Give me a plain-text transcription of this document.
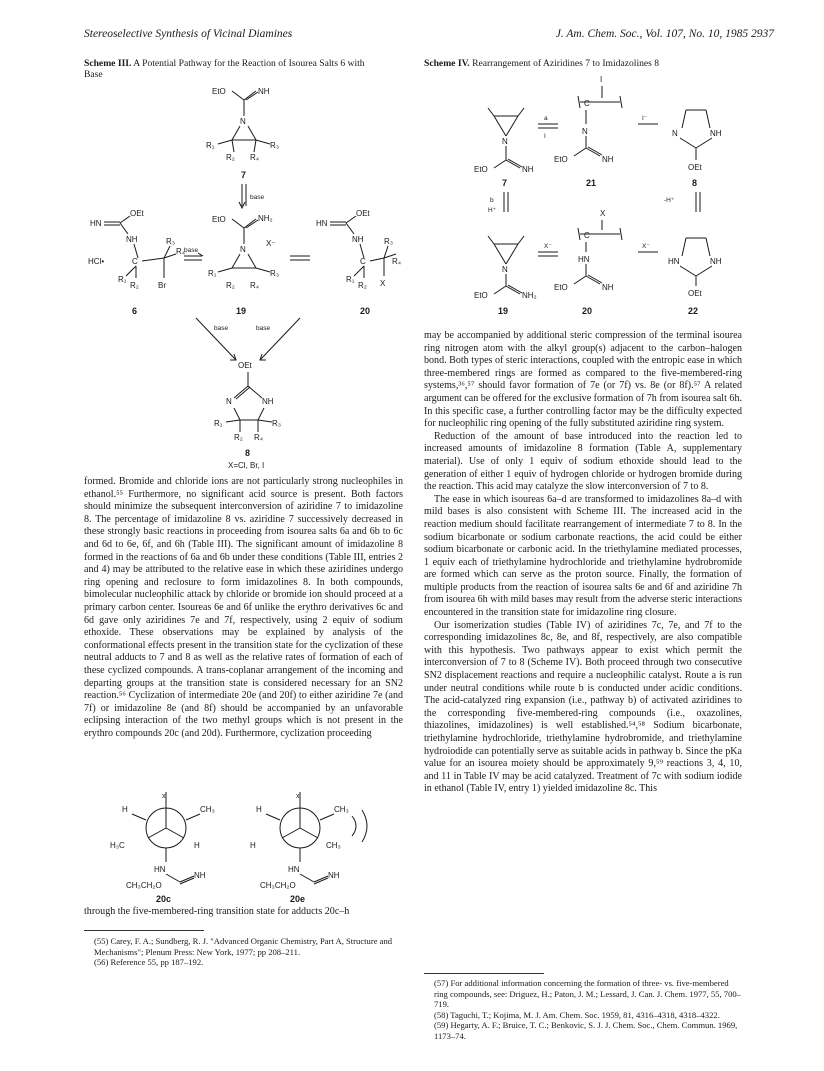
Stereoselective Synthesis of Vicinal Diamines	J. Am. Chem. Soc., Vol. 107, No. 10, 1985 2937
Scheme III. A Potential Pathway for the Reaction of Isourea Salts 6 with Base
EtO	NH
N
R₁
R₂
R₃
R₄
7
base
HN
OEt
NH
HCl•	C
R₃
R₄
Br
R₁
R₂
6
base
EtO	NH₂
N
R₁
R₂
R₃
R₄
X⁻
19
HN
OEt
NH
C
R₃
R₄
X
R₁
R₂
20
base	base
OEt
N	NH
R₁
R₂
R₃
R₄
8
X=Cl, Br, I

formed. Bromide and chloride ions are not particularly strong nucleophiles in ethanol.⁵⁵ Furthermore, no significant acid source is present. Both factors should minimize the subsequent interconversion of aziridine 7 to imidazoline 8. The percentage of imidazoline 8 vs. aziridine 7 successively decreased in these strongly basic reactions in proceeding from isourea salts 6a and 6b to 6c and 6d to 6e, 6f, and 6h (Table III). The significant amount of imidazoline 8 formed in the reactions of 6a and 6b under these conditions (Table III, entries 2 and 4) may be attributed to the relative ease in which these aziridines undergo ring opening and reclosure to form imidazolines 8. In both compounds, bimolecular nucleophilic attack by chloride or bromide ion should proceed at a primary carbon center. Isoureas 6e and 6f unlike the erythro derivatives 6c and 6d gave only aziridines 7e and 7f, respectively, using 2 equiv of sodium ethoxide. These observations may be explained by analysis of the conformational effects present in the transition state for the cyclization of these neutral adducts to 7 and 8 as well as the relative rates of formation of each of these cyclized compounds. A trans-coplanar arrangement of the incoming and departing groups at the transition state is considered necessary for an SN2 reaction.⁵⁶ Cyclization of intermediate 20e (and 20f) to either aziridine 7e (and 7f) or imidazoline 8e (and 8f) should be accompanied by an unfavorable eclipsing interaction of the two methyl groups which is not present in the erythro compounds 20c (and 20d). Furthermore, cyclization proceeding

x
H	CH₃
H₃C	H
HN
NH
CH₃CH₂O
20c
x
H	CH₃
H	CH₃
HN
NH
CH₃CH₂O
20e

through the five-membered-ring transition state for adducts 20c–h

(55) Carey, F. A.; Sundberg, R. J. "Advanced Organic Chemistry, Part A, Structure and Mechanisms"; Plenum Press: New York, 1977; pp 208–211.
(56) Reference 55, pp 187–192.
Scheme IV. Rearrangement of Aziridines 7 to Imidazolines 8
N
EtO	NH
7
a
I
I
C
N
EtO	NH
21
I⁻
N	NH
OEt
8
b
H⁺
-H⁺
N
EtO	NH₂
19
X⁻
X
C
HN
EtO	NH
20
X⁻
HN	NH
OEt
22

may be accompanied by additional steric compression of the terminal isourea ring nitrogen atom with the alkyl group(s) adjacent to the carbon–halogen bond. Both types of steric interactions, coupled with the entropic ease in which three-membered rings are formed as compared to the five-membered-ring systems,³⁶,⁵⁷ should favor formation of 7e (or 7f) vs. 8e (or 8f).⁵⁷ A related argument can be offered for the exclusive formation of 7h from isourea salt 6h. In this specific case, a further controlling factor may be the difficulty expected for nucleophilic ring opening of the fully substituted aziridine ring system.

Reduction of the amount of base introduced into the reaction led to increased amounts of imidazoline 8 formation (Table A, supplementary material). Use of only 1 equiv of sodium ethoxide should lead to the generation of either 1 equiv of hydrogen chloride or hydrogen bromide during the reaction. This acid may catalyze the slow interconversion of 7 to 8.

The ease in which isoureas 6a–d are transformed to imidazolines 8a–d with mild bases is also consistent with Scheme III. The increased acid in the reaction medium should facilitate rearrangement of intermediate 7 to 8. In the sodium bicarbonate or sodium carbonate reactions, the acid could be either sodium bicarbonate or carbonic acid. In the triethylamine mediated processes, 1 equiv each of triethylamine hydrochloride and triethylamine hydrobromide are formed which can serve as the proton source. Finally, the formation of multiple products from the reaction of isourea salts 6e and 6f and aziridine 7h from isourea 6h with mild bases may result from the adverse steric interactions encountered in the transition state for imidazoline ring closure.

Our isomerization studies (Table IV) of aziridines 7c, 7e, and 7f to the corresponding imidazolines 8c, 8e, and 8f, respectively, are also compatible with this hypothesis. Two pathways appear to exist which permit the interconversion of 7 to 8 (Scheme IV). Both proceed through two consecutive SN2 displacement reactions and require a nucleophilic catalyst. Route a is run under neutral conditions while route b is conducted under acidic conditions. The acid-catalyzed ring expansion (i.e., pathway b) of activated aziridines to the corresponding five-membered-ring compounds (i.e., oxazolines, thiazolines, imidazolines) is well established.⁵⁴,⁵⁸ Sodium bicarbonate, triethylamine hydrochloride, triethylamine hydrobromide, and triethylamine hydroiodide can potentially serve as suitable acids in pathway b. Since the pKa value for an isourea moiety should be approximately 9,⁵⁹ reactions 3, 4, 10, and 11 in Table IV may be acid catalyzed. Treatment of 7c with sodium iodide in ethanol (Table IV, entry 1) yielded imidazoline 8c. This

(57) For additional information concerning the formation of three- vs. five-membered ring compounds, see: Driguez, H.; Paton, J. M.; Lessard, J. Can. J. Chem. 1977, 55, 700–719.
(58) Taguchi, T.; Kojima, M. J. Am. Chem. Soc. 1959, 81, 4316–4318, 4318–4322.
(59) Hegarty, A. F.; Bruice, T. C.; Benkovic, S. J. J. Chem. Soc., Chem. Commun. 1969, 1173–74.
